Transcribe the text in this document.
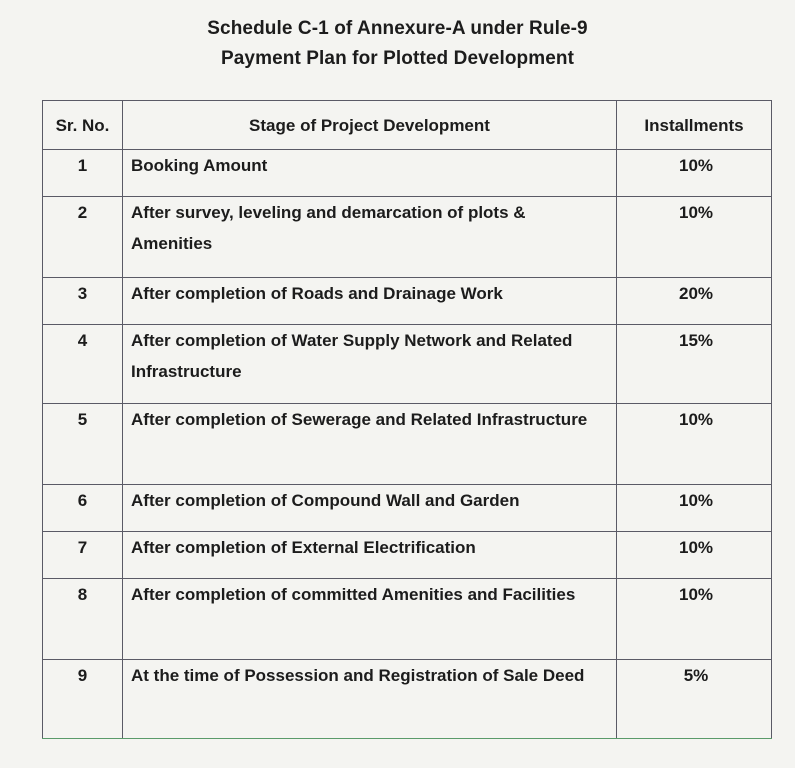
Schedule C-1 of Annexure-A under Rule-9
Payment Plan for Plotted Development
Sr. No.	Stage of Project Development	Installments
1	Booking Amount	10%
2	After survey, leveling and demarcation of plots & Amenities	10%
3	After completion of Roads and Drainage Work	20%
4	After completion of Water Supply Network and Related Infrastructure	15%
5	After completion of Sewerage and Related Infrastructure	10%
6	After completion of Compound Wall and Garden	10%
7	After completion of External Electrification	10%
8	After completion of committed Amenities and Facilities	10%
9	At the time of Possession and Registration of Sale Deed	5%
